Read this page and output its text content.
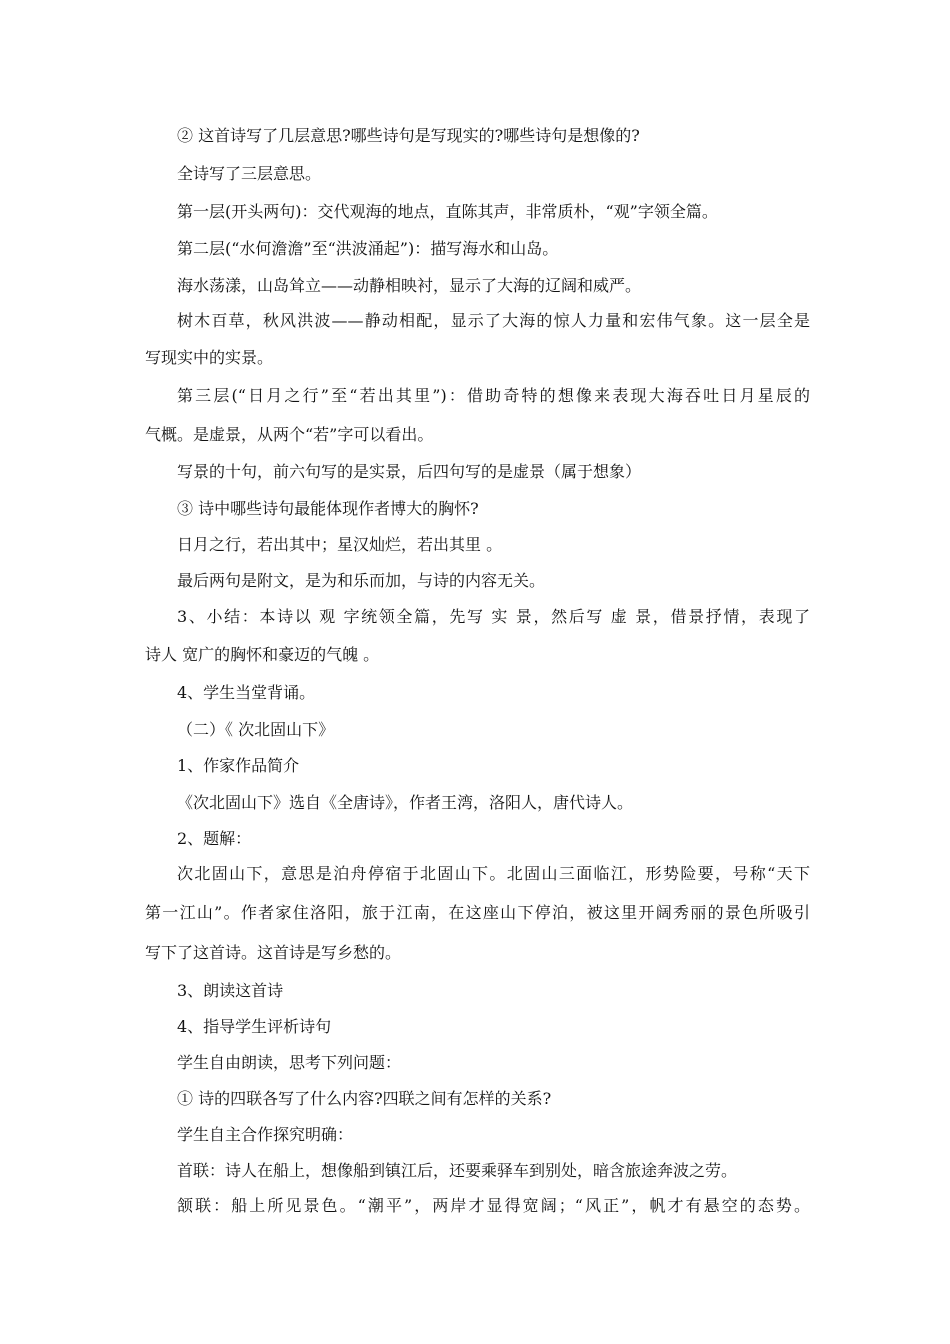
② 这首诗写了几层意思?哪些诗句是写现实的?哪些诗句是想像的?
全诗写了三层意思。
第一层(开头两句)：交代观海的地点，直陈其声，非常质朴，“观”字领全篇。
第二层(“水何澹澹”至“洪波涌起”)：描写海水和山岛。
海水荡漾，山岛耸立——动静相映衬，显示了大海的辽阔和威严。
树木百草，秋风洪波——静动相配，显示了大海的惊人力量和宏伟气象。这一层全是
写现实中的实景。
第三层(“日月之行”至“若出其里”)：借助奇特的想像来表现大海吞吐日月星辰的
气概。是虚景，从两个“若”字可以看出。
写景的十句，前六句写的是实景，后四句写的是虚景（属于想象）
③ 诗中哪些诗句最能体现作者博大的胸怀?
日月之行，若出其中；星汉灿烂，若出其里 。
最后两句是附文，是为和乐而加，与诗的内容无关。
3、小结：本诗以 观 字统领全篇，先写 实 景，然后写 虚 景，借景抒情，表现了
诗人 宽广的胸怀和豪迈的气魄 。
4、学生当堂背诵。
（二）《 次北固山下》
1、作家作品简介
《次北固山下》选自《全唐诗》，作者王湾，洛阳人，唐代诗人。
2、题解：
次北固山下，意思是泊舟停宿于北固山下。北固山三面临江，形势险要，号称“天下
第一江山”。作者家住洛阳，旅于江南，在这座山下停泊，被这里开阔秀丽的景色所吸引
写下了这首诗。这首诗是写乡愁的。
3、朗读这首诗
4、指导学生评析诗句
学生自由朗读，思考下列问题：
① 诗的四联各写了什么内容?四联之间有怎样的关系?
学生自主合作探究明确：
首联：诗人在船上，想像船到镇江后，还要乘驿车到别处，暗含旅途奔波之劳。
颔联：船上所见景色。“潮平”，两岸才显得宽阔；“风正”，帆才有悬空的态势。
